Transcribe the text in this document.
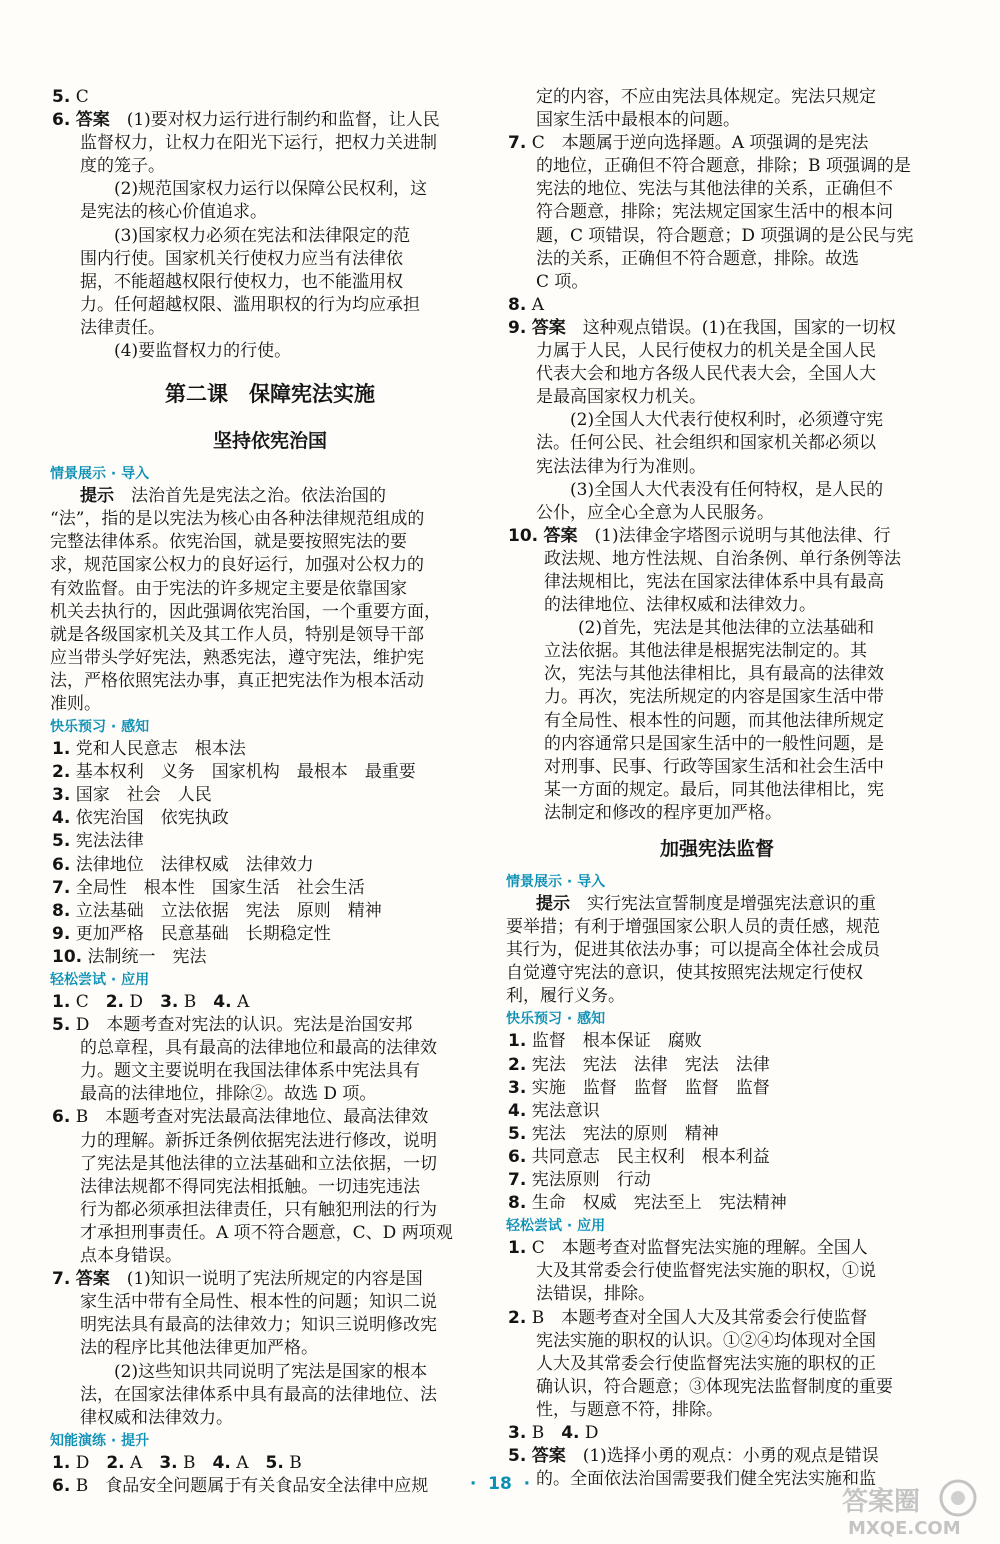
5. C
6. 答案  (1)要对权力运行进行制约和监督，让人民
监督权力，让权力在阳光下运行，把权力关进制
度的笼子。
(2)规范国家权力运行以保障公民权利，这
是宪法的核心价值追求。
(3)国家权力必须在宪法和法律限定的范
围内行使。国家机关行使权力应当有法律依
据，不能超越权限行使权力，也不能滥用权
力。任何超越权限、滥用职权的行为均应承担
法律责任。
(4)要监督权力的行使。
第二课　保障宪法实施
坚持依宪治国
情景展示 · 导入
提示  法治首先是宪法之治。依法治国的
“法”，指的是以宪法为核心由各种法律规范组成的
完整法律体系。依宪治国，就是要按照宪法的要
求，规范国家公权力的良好运行，加强对公权力的
有效监督。由于宪法的许多规定主要是依靠国家
机关去执行的，因此强调依宪治国，一个重要方面，
就是各级国家机关及其工作人员，特别是领导干部
应当带头学好宪法，熟悉宪法，遵守宪法，维护宪
法，严格依照宪法办事，真正把宪法作为根本活动
准则。
快乐预习 · 感知
1. 党和人民意志　根本法
2. 基本权利　义务　国家机构　最根本　最重要
3. 国家　社会　人民
4. 依宪治国　依宪执政
5. 宪法法律
6. 法律地位　法律权威　法律效力
7. 全局性　根本性　国家生活　社会生活
8. 立法基础　立法依据　宪法　原则　精神
9. 更加严格　民意基础　长期稳定性
10. 法制统一　宪法
轻松尝试 · 应用
1. C　2. D　3. B　4. A
5. D　本题考查对宪法的认识。宪法是治国安邦
的总章程，具有最高的法律地位和最高的法律效
力。题文主要说明在我国法律体系中宪法具有
最高的法律地位，排除②。故选 D 项。
6. B　本题考查对宪法最高法律地位、最高法律效
力的理解。新拆迁条例依据宪法进行修改，说明
了宪法是其他法律的立法基础和立法依据，一切
法律法规都不得同宪法相抵触。一切违宪违法
行为都必须承担法律责任，只有触犯刑法的行为
才承担刑事责任。A 项不符合题意，C、D 两项观
点本身错误。
7. 答案  (1)知识一说明了宪法所规定的内容是国
家生活中带有全局性、根本性的问题；知识二说
明宪法具有最高的法律效力；知识三说明修改宪
法的程序比其他法律更加严格。
(2)这些知识共同说明了宪法是国家的根本
法，在国家法律体系中具有最高的法律地位、法
律权威和法律效力。
知能演练 · 提升
1. D　2. A　3. B　4. A　5. B
6. B　食品安全问题属于有关食品安全法律中应规
定的内容，不应由宪法具体规定。宪法只规定
国家生活中最根本的问题。
7. C　本题属于逆向选择题。A 项强调的是宪法
的地位，正确但不符合题意，排除；B 项强调的是
宪法的地位、宪法与其他法律的关系，正确但不
符合题意，排除；宪法规定国家生活中的根本问
题，C 项错误，符合题意；D 项强调的是公民与宪
法的关系，正确但不符合题意，排除。故选
C 项。
8. A
9. 答案  这种观点错误。(1)在我国，国家的一切权
力属于人民，人民行使权力的机关是全国人民
代表大会和地方各级人民代表大会，全国人大
是最高国家权力机关。
(2)全国人大代表行使权利时，必须遵守宪
法。任何公民、社会组织和国家机关都必须以
宪法法律为行为准则。
(3)全国人大代表没有任何特权，是人民的
公仆，应全心全意为人民服务。
10. 答案  (1)法律金字塔图示说明与其他法律、行
政法规、地方性法规、自治条例、单行条例等法
律法规相比，宪法在国家法律体系中具有最高
的法律地位、法律权威和法律效力。
(2)首先，宪法是其他法律的立法基础和
立法依据。其他法律是根据宪法制定的。其
次，宪法与其他法律相比，具有最高的法律效
力。再次，宪法所规定的内容是国家生活中带
有全局性、根本性的问题，而其他法律所规定
的内容通常只是国家生活中的一般性问题，是
对刑事、民事、行政等国家生活和社会生活中
某一方面的规定。最后，同其他法律相比，宪
法制定和修改的程序更加严格。
加强宪法监督
情景展示 · 导入
提示  实行宪法宣誓制度是增强宪法意识的重
要举措；有利于增强国家公职人员的责任感，规范
其行为，促进其依法办事；可以提高全体社会成员
自觉遵守宪法的意识，使其按照宪法规定行使权
利，履行义务。
快乐预习 · 感知
1. 监督　根本保证　腐败
2. 宪法　宪法　法律　宪法　法律
3. 实施　监督　监督　监督　监督
4. 宪法意识
5. 宪法　宪法的原则　精神
6. 共同意志　民主权利　根本利益
7. 宪法原则　行动
8. 生命　权威　宪法至上　宪法精神
轻松尝试 · 应用
1. C　本题考查对监督宪法实施的理解。全国人
大及其常委会行使监督宪法实施的职权，①说
法错误，排除。
2. B　本题考查对全国人大及其常委会行使监督
宪法实施的职权的认识。①②④均体现对全国
人大及其常委会行使监督宪法实施的职权的正
确认识，符合题意；③体现宪法监督制度的重要
性，与题意不符，排除。
3. B　4. D
5. 答案  (1)选择小勇的观点：小勇的观点是错误
的。全面依法治国需要我们健全宪法实施和监
·  18  ·
答案圈
MXQE.COM
